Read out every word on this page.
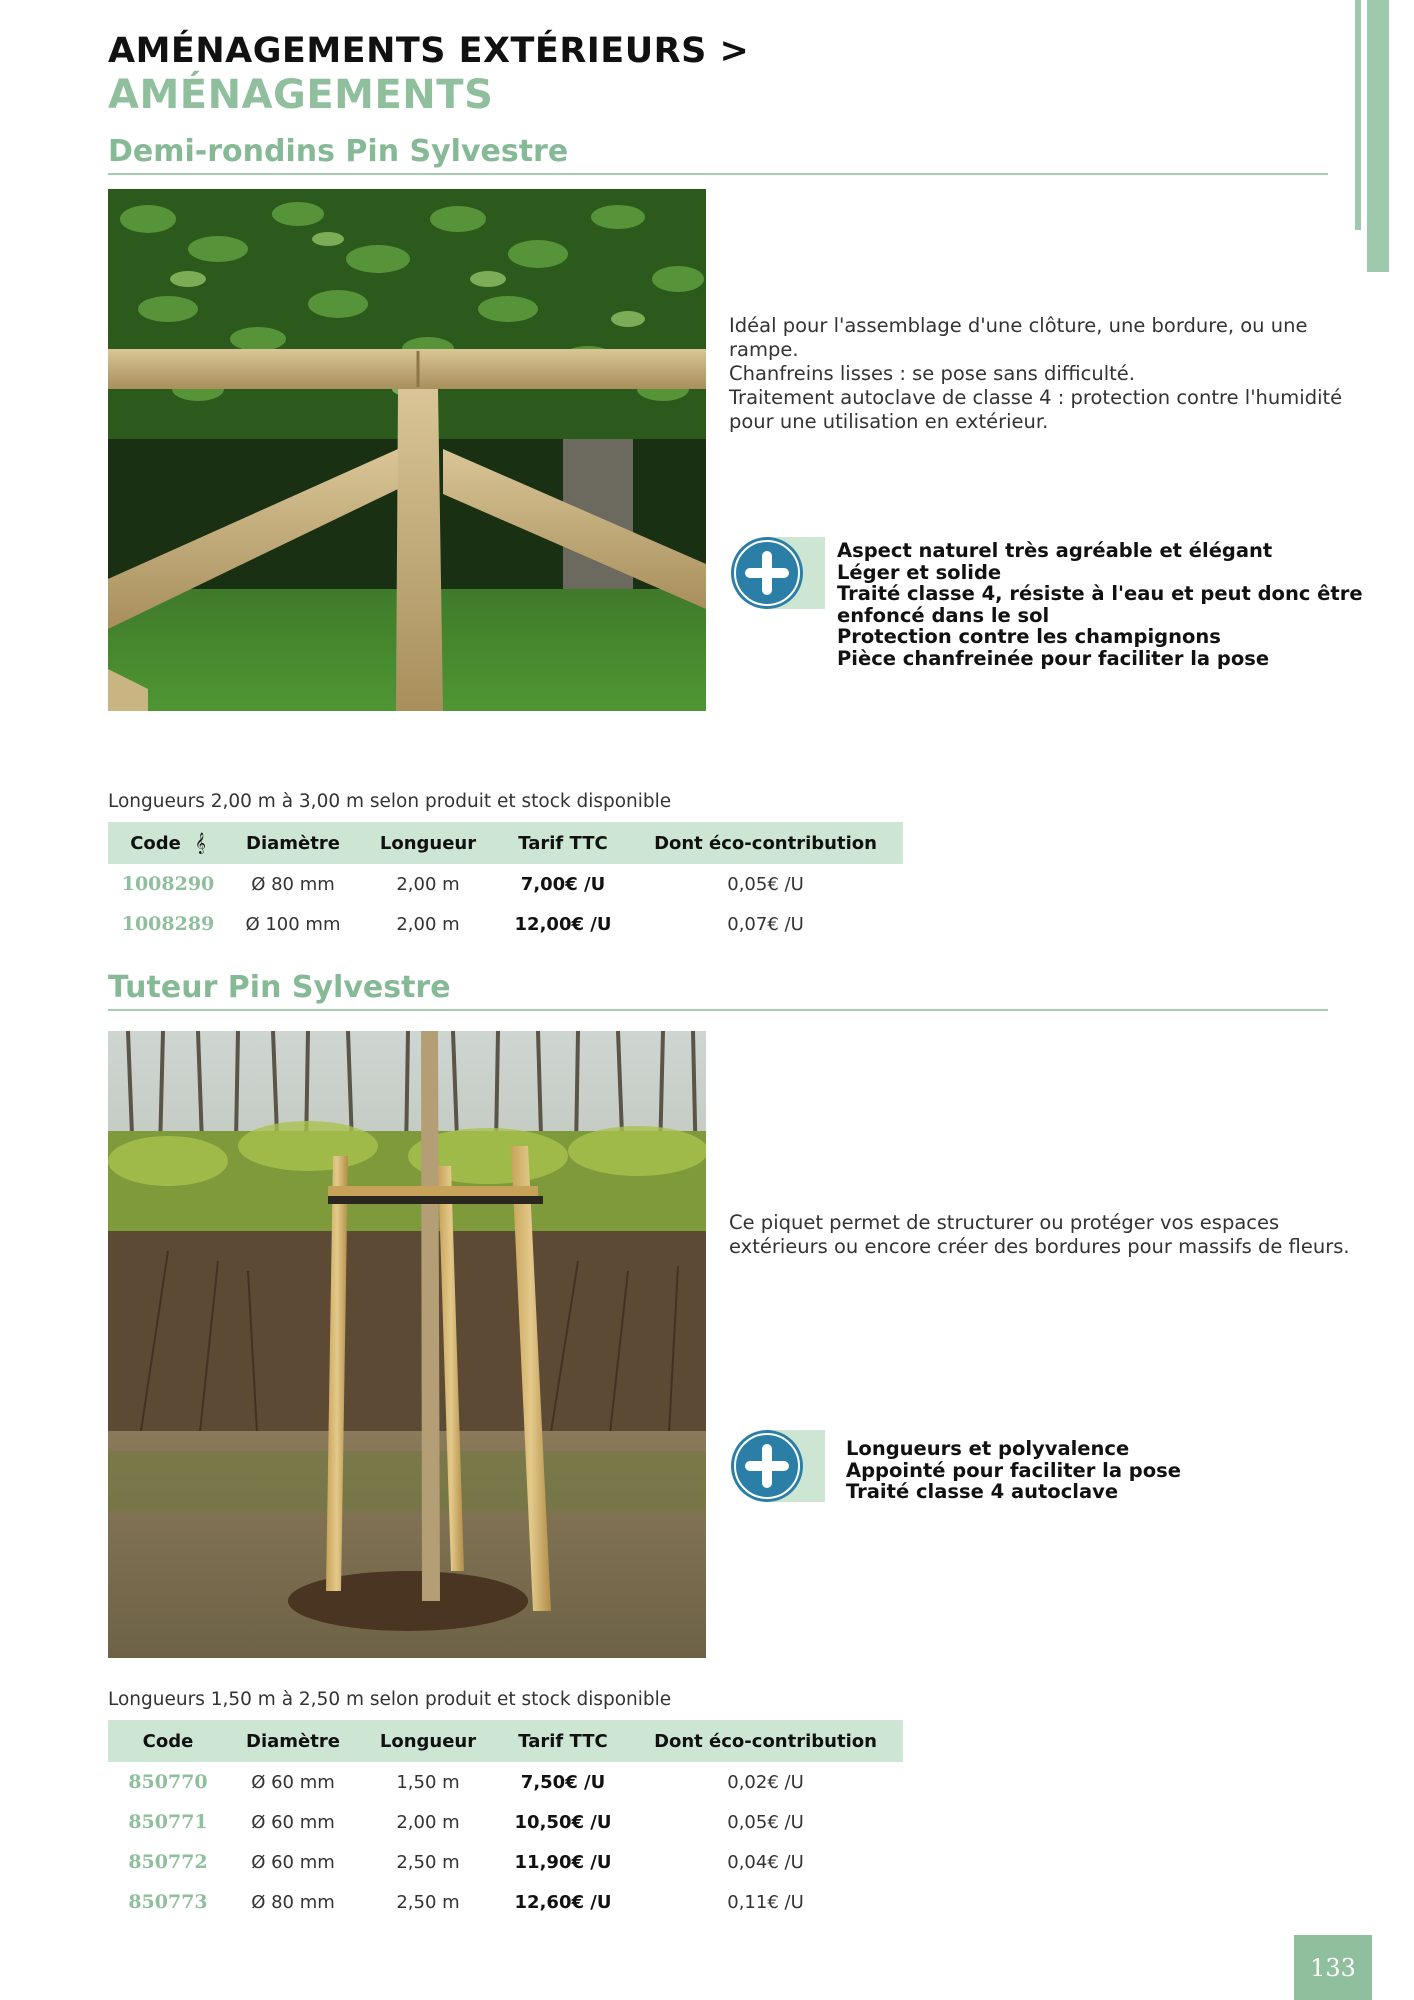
AMÉNAGEMENTS EXTÉRIEURS >
AMÉNAGEMENTS
Demi-rondins Pin Sylvestre
Idéal pour l'assemblage d'une clôture, une bordure, ou une
rampe.
Chanfreins lisses : se pose sans difficulté.
Traitement autoclave de classe 4 : protection contre l'humidité
pour une utilisation en extérieur.
Aspect naturel très agréable et élégant
Léger et solide
Traité classe 4, résiste à l'eau et peut donc être
enfoncé dans le sol
Protection contre les champignons
Pièce chanfreinée pour faciliter la pose
Longueurs 2,00 m à 3,00 m selon produit et stock disponible
Code 𝄞	Diamètre	Longueur	Tarif TTC	Dont éco-contribution
1008290	Ø 80 mm	2,00 m	7,00€ /U	0,05€ /U
1008289	Ø 100 mm	2,00 m	12,00€ /U	0,07€ /U
Tuteur Pin Sylvestre
Ce piquet permet de structurer ou protéger vos espaces
extérieurs ou encore créer des bordures pour massifs de fleurs.
Longueurs et polyvalence
Appointé pour faciliter la pose
Traité classe 4 autoclave
Longueurs 1,50 m à 2,50 m selon produit et stock disponible
Code	Diamètre	Longueur	Tarif TTC	Dont éco-contribution
850770	Ø 60 mm	1,50 m	7,50€ /U	0,02€ /U
850771	Ø 60 mm	2,00 m	10,50€ /U	0,05€ /U
850772	Ø 60 mm	2,50 m	11,90€ /U	0,04€ /U
850773	Ø 80 mm	2,50 m	12,60€ /U	0,11€ /U
133
